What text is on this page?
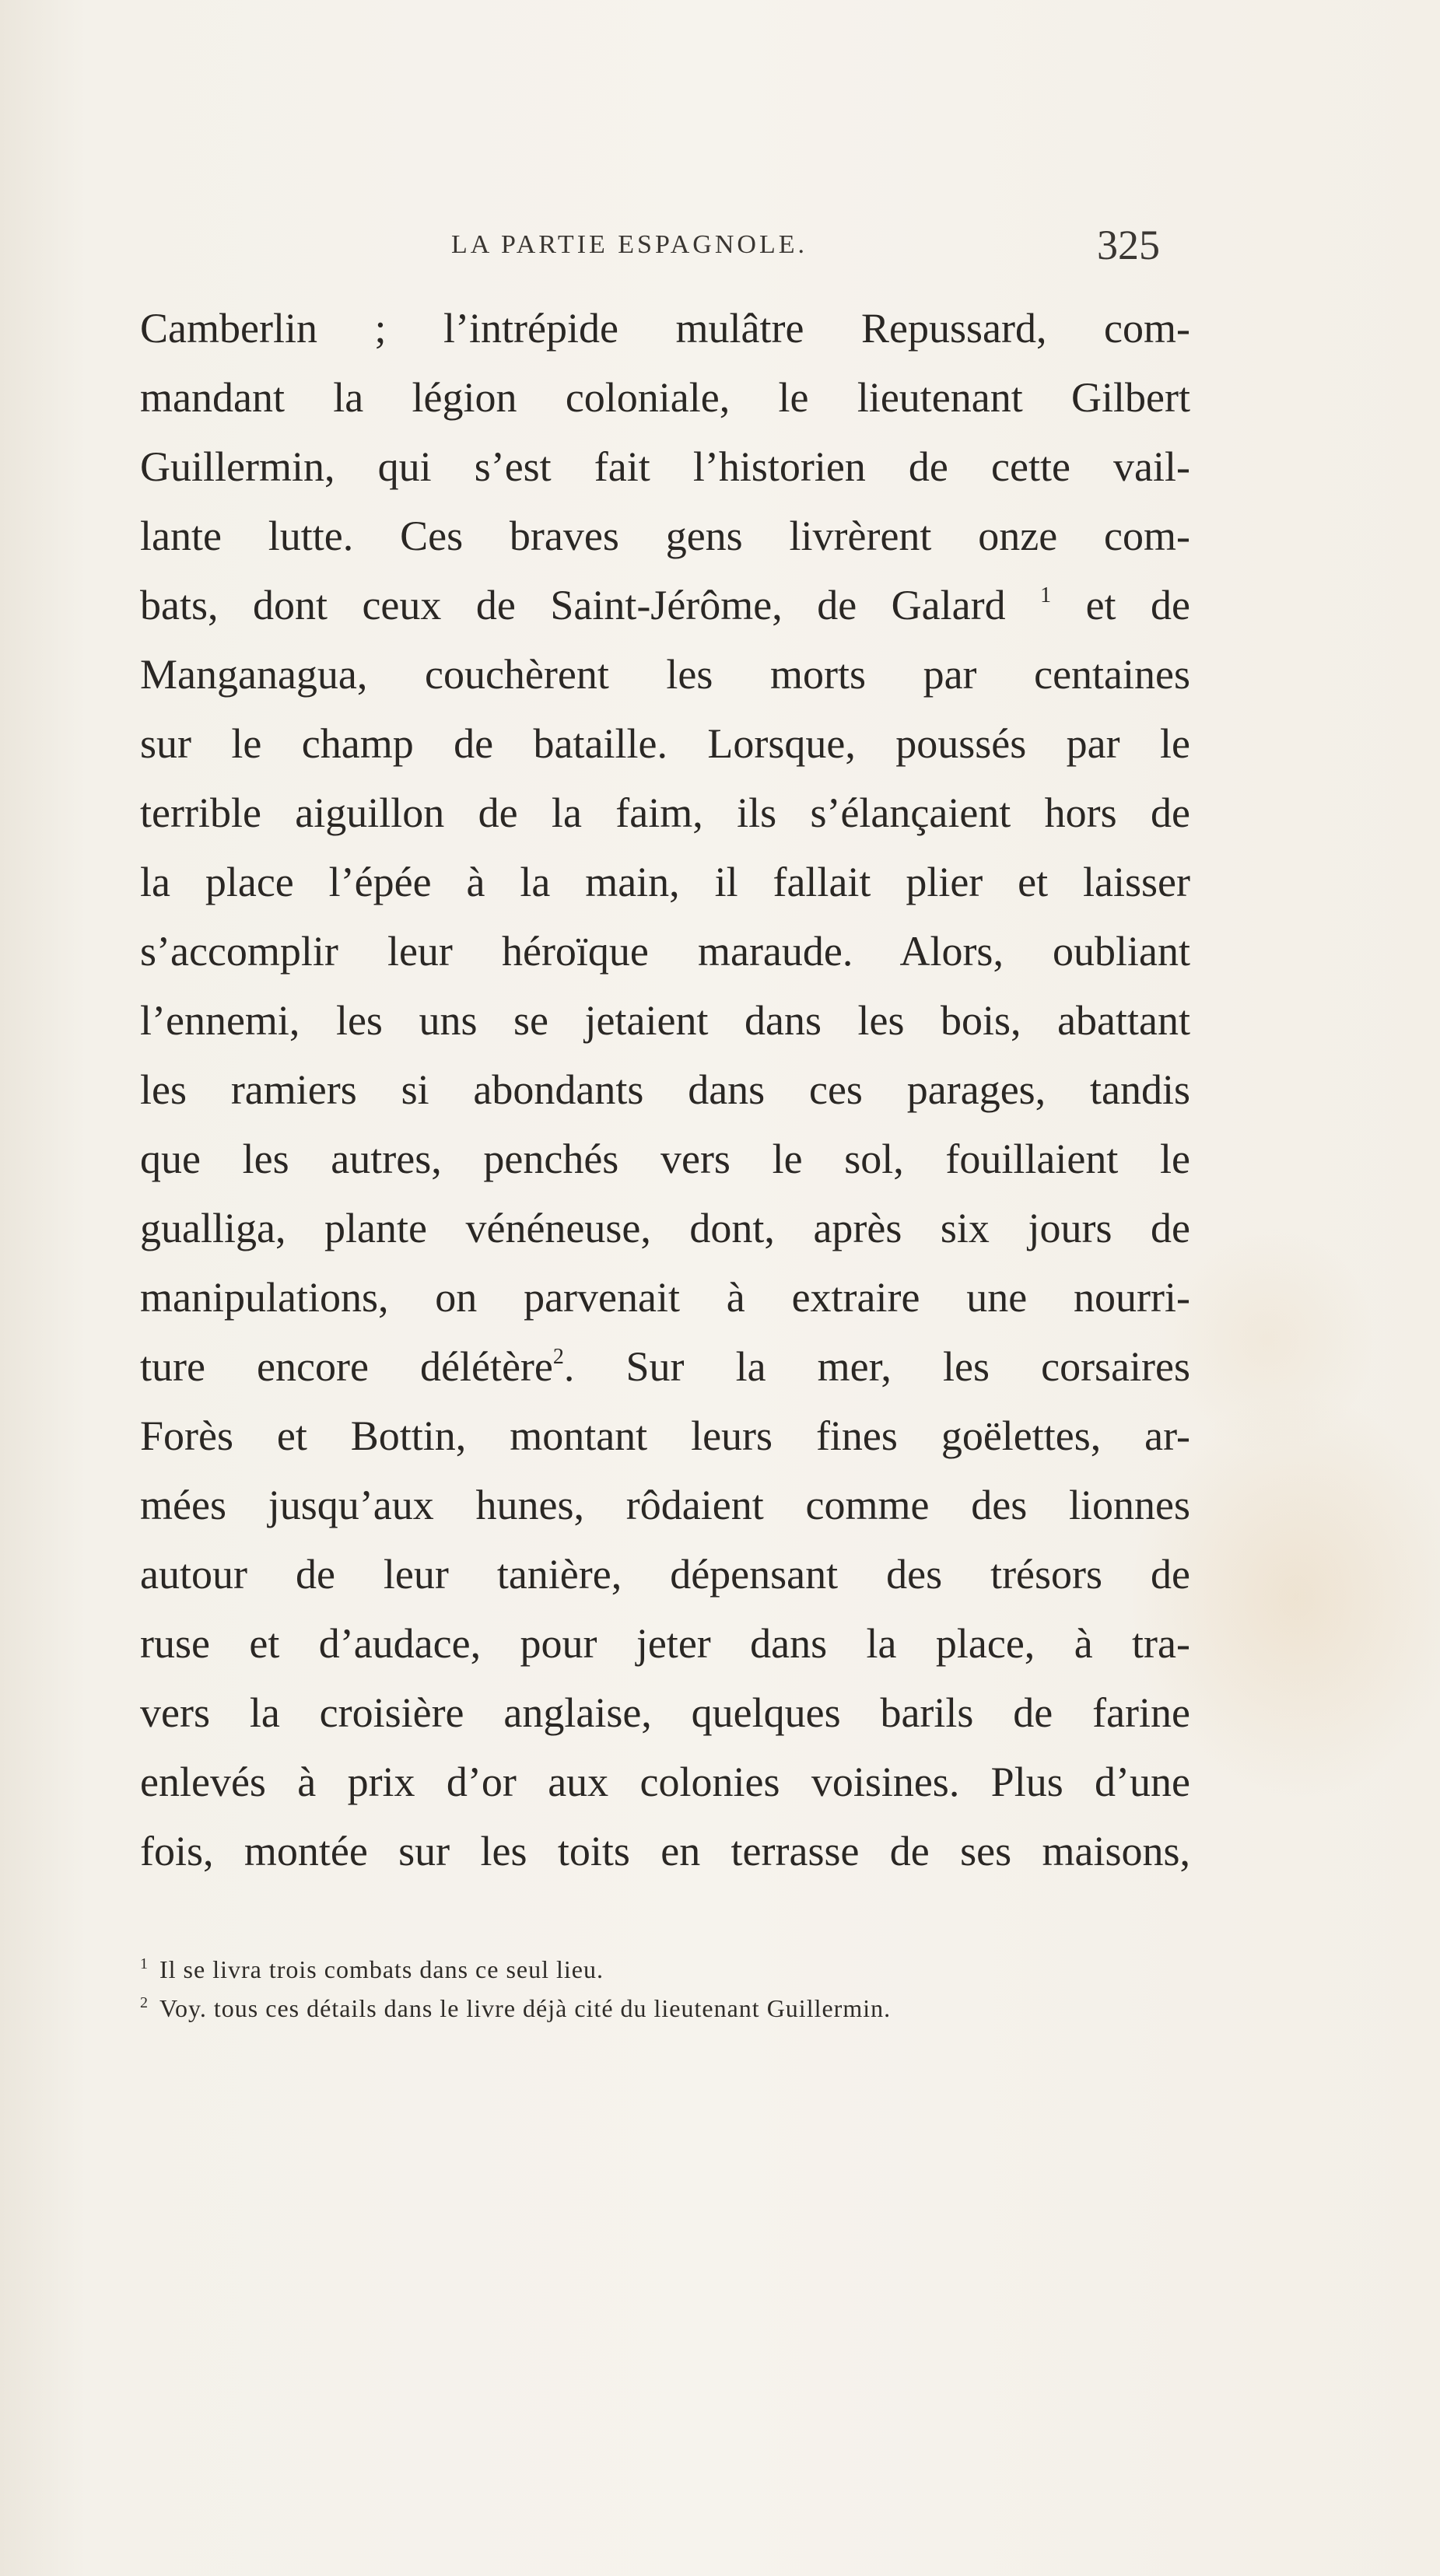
LA PARTIE ESPAGNOLE.	325
Camberlin ; l’intrépide mulâtre Repussard, com-
mandant la légion coloniale, le lieutenant Gilbert
Guillermin, qui s’est fait l’historien de cette vail-
lante lutte. Ces braves gens livrèrent onze com-
bats, dont ceux de Saint-Jérôme, de Galard $^1$ et de
Manganagua, couchèrent les morts par centaines
sur le champ de bataille. Lorsque, poussés par le
terrible aiguillon de la faim, ils s’élançaient hors de
la place l’épée à la main, il fallait plier et laisser
s’accomplir leur héroïque maraude. Alors, oubliant
l’ennemi, les uns se jetaient dans les bois, abattant
les ramiers si abondants dans ces parages, tandis
que les autres, penchés vers le sol, fouillaient le
gualliga, plante vénéneuse, dont, après six jours de
manipulations, on parvenait à extraire une nourri-
ture encore délétère$^2$. Sur la mer, les corsaires
Forès et Bottin, montant leurs fines goëlettes, ar-
mées jusqu’aux hunes, rôdaient comme des lionnes
autour de leur tanière, dépensant des trésors de
ruse et d’audace, pour jeter dans la place, à tra-
vers la croisière anglaise, quelques barils de farine
enlevés à prix d’or aux colonies voisines. Plus d’une
fois, montée sur les toits en terrasse de ses maisons,
$^1$ Il se livra trois combats dans ce seul lieu.
$^2$ Voy. tous ces détails dans le livre déjà cité du lieutenant Guillermin.
